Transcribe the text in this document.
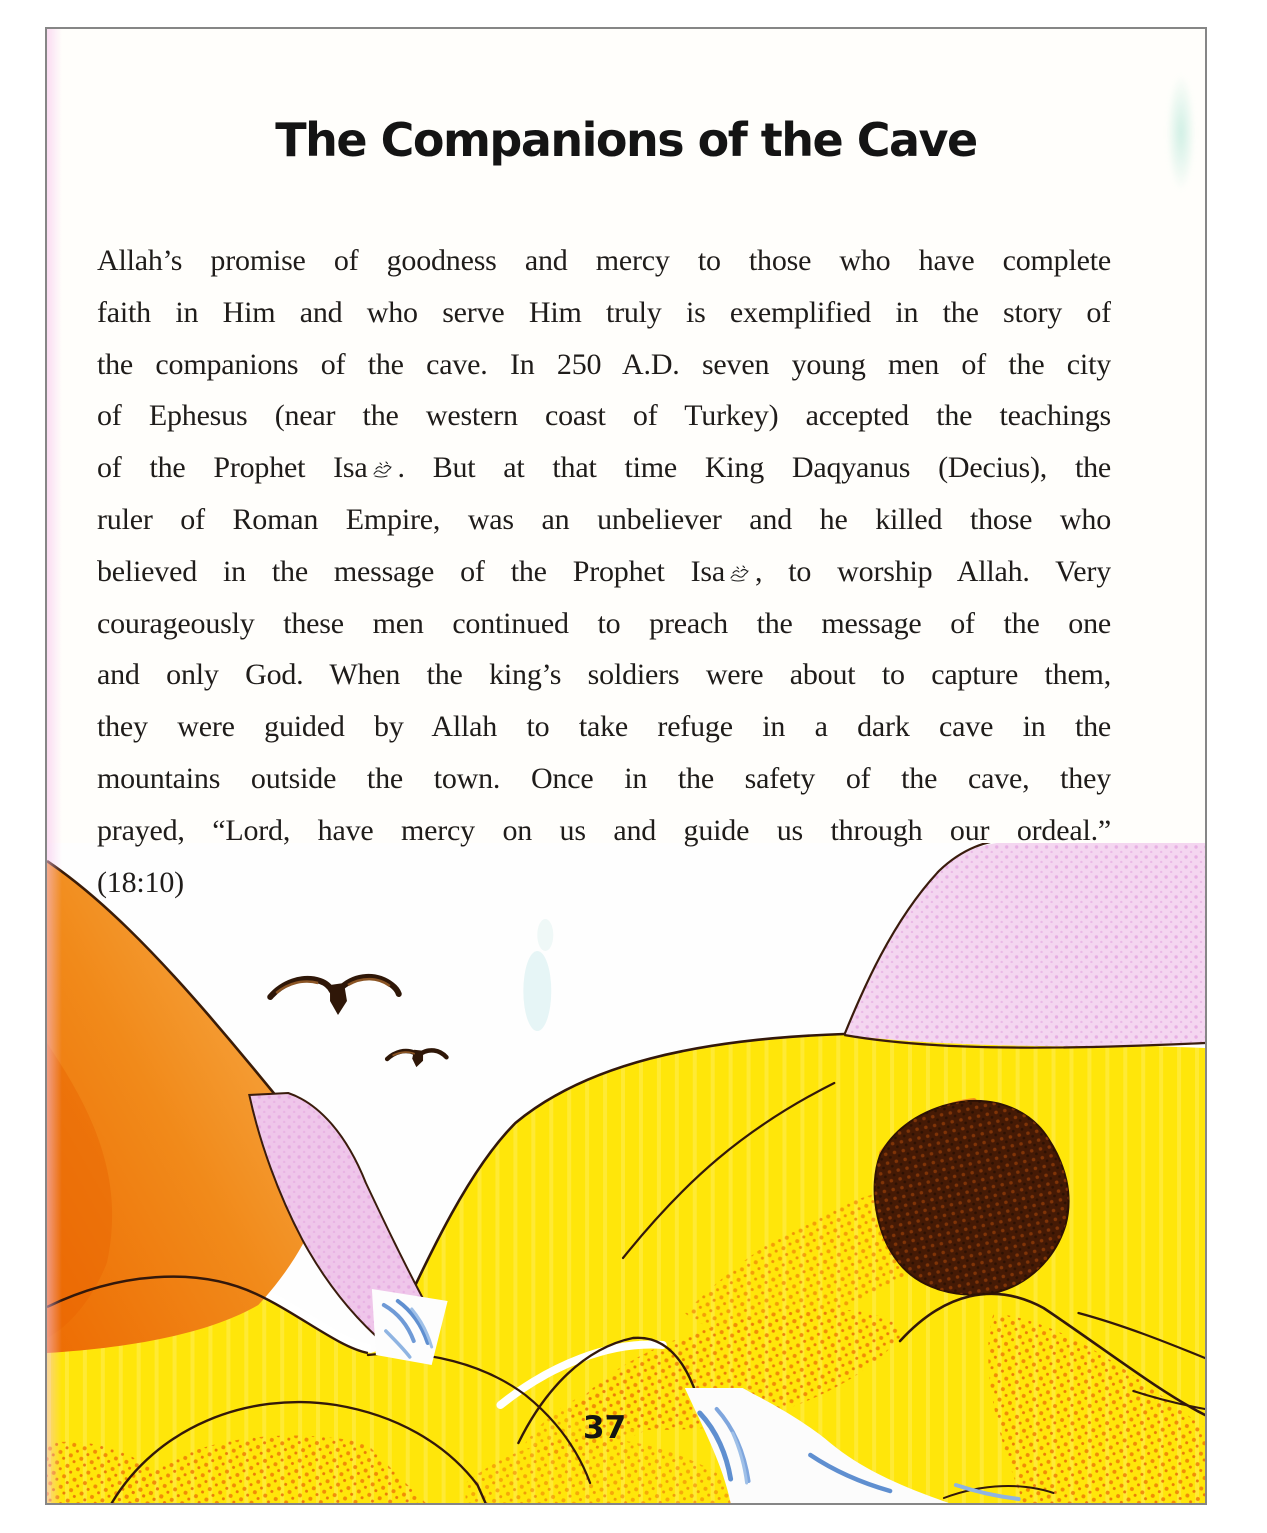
The Companions of the Cave
Allah’s promise of goodness and mercy to those who have complete
faith in Him and who serve Him truly is exemplified in the story of
the companions of the cave. In 250 A.D. seven young men of the city
of Ephesus (near the western coast of Turkey) accepted the teachings
of the Prophet Isa . But at that time King Daqyanus (Decius), the
ruler of Roman Empire, was an unbeliever and he killed those who
believed in the message of the Prophet Isa , to worship Allah. Very
courageously these men continued to preach the message of the one
and only God. When the king’s soldiers were about to capture them,
they were guided by Allah to take refuge in a dark cave in the
mountains outside the town. Once in the safety of the cave, they
prayed, “Lord, have mercy on us and guide us through our ordeal.”
(18:10)
37
